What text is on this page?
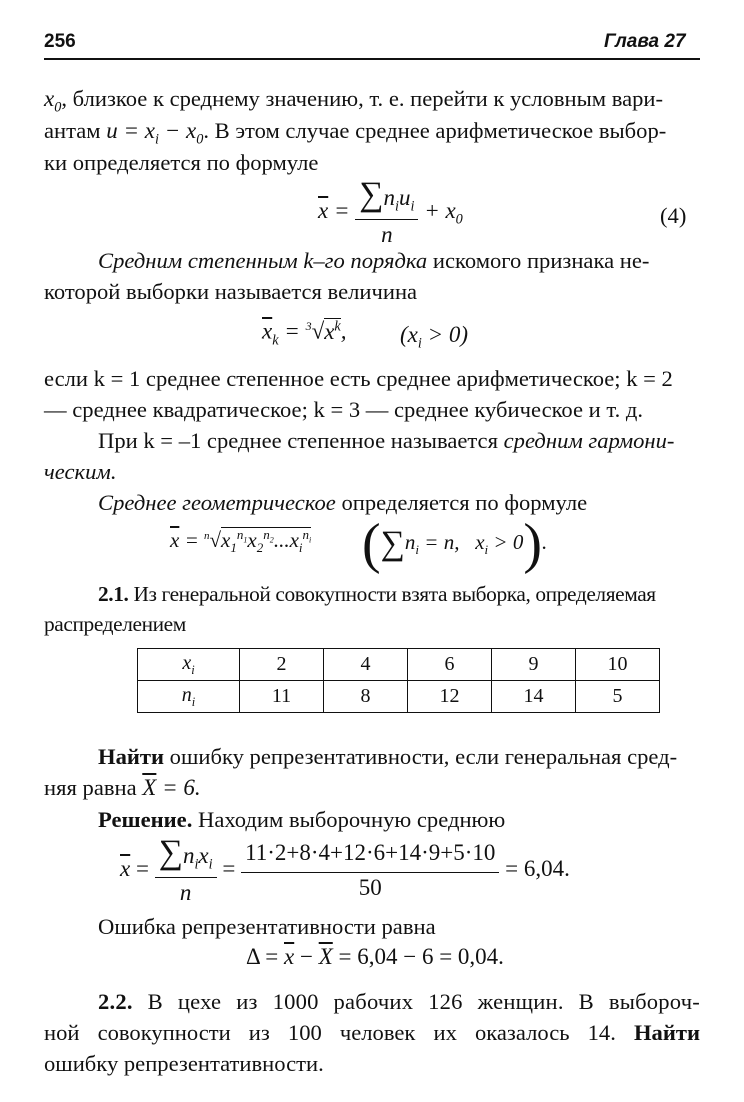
256	Глава 27
$x_0$, близкое к среднему значению, т. е. перейти к условным вари-
антам $u = x_i - x_0$. В этом случае среднее арифметическое выбор-
ки определяется по формуле
$\overline{x} = \frac{\sum n_iu_i}{n} + x_0$	(4)
Средним степенным k–го порядка искомого признака не-
которой выборки называется величина
$\overline{x}_k = ^3√x^k$, $(x_i > 0)$
если k = 1 среднее степенное есть среднее арифметическое; k = 2
— среднее квадратическое; k = 3 — среднее кубическое и т. д.
При k = –1 среднее степенное называется средним гармони-
ческим.
Среднее геометрическое определяется по формуле
$\overline{x} = ^n√x_1^{n_1}x_2^{n_2}...x_i^{n_i}$ ($\sum n_i = n$,   $x_i > 0$).
2.1. Из генеральной совокупности взята выборка, определяемая
распределением
$x_i$	2	4	6	9	10
$n_i$	11	8	12	14	5
Найти ошибку репрезентативности, если генеральная сред-
няя равна $\overline{X} = 6$.
Решение. Находим выборочную среднюю
$\overline{x} = \frac{\sum n_ix_i}{n} = \frac{11\cdot 2+8\cdot 4+12\cdot 6+14\cdot 9+5\cdot 10}{50} = 6,04$.
Ошибка репрезентативности равна
$\Delta = \overline{x} - \overline{X} = 6,04 - 6 = 0,04$.
2.2. В цехе из 1000 рабочих 126 женщин. В выбороч-
ной совокупности из 100 человек их оказалось 14. Найти
ошибку репрезентативности.
